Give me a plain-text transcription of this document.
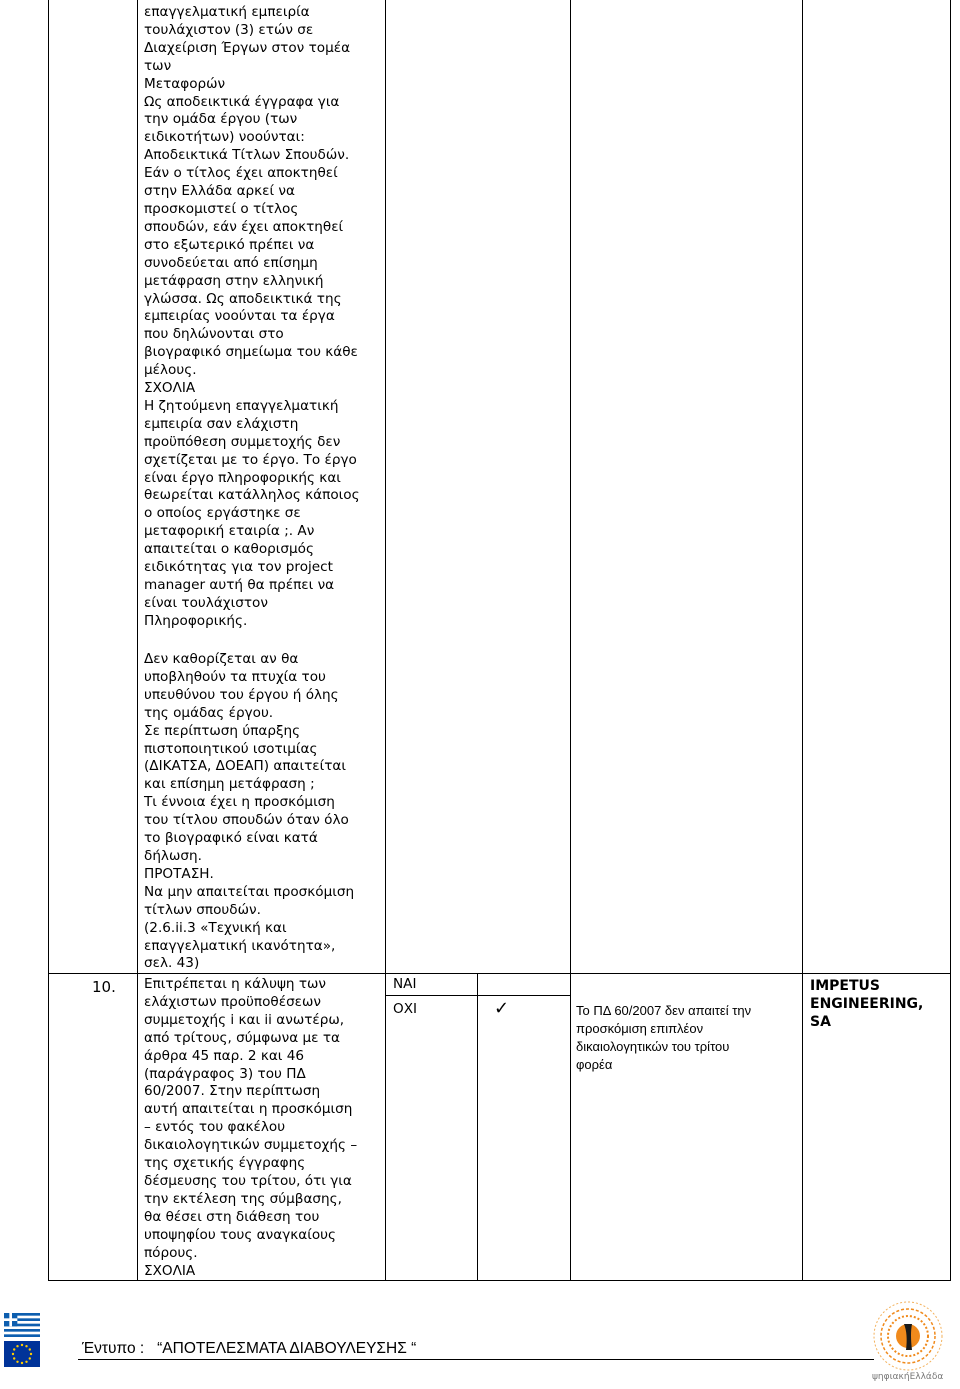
επαγγελματική εμπειρία
τουλάχιστον (3) ετών σε
Διαχείριση Έργων στον τομέα
των
Μεταφορών
Ως αποδεικτικά έγγραφα για
την ομάδα έργου (των
ειδικοτήτων) νοούνται:
Αποδεικτικά Τίτλων Σπουδών.
Εάν ο τίτλος έχει αποκτηθεί
στην Ελλάδα αρκεί να
προσκομιστεί ο τίτλος
σπουδών, εάν έχει αποκτηθεί
στο εξωτερικό πρέπει να
συνοδεύεται από επίσημη
μετάφραση στην ελληνική
γλώσσα. Ως αποδεικτικά της
εμπειρίας νοούνται τα έργα
που δηλώνονται στο
βιογραφικό σημείωμα του κάθε
μέλους.
ΣΧΟΛΙΑ
Η ζητούμενη επαγγελματική
εμπειρία σαν ελάχιστη
προϋπόθεση συμμετοχής δεν
σχετίζεται με το έργο. Το έργο
είναι έργο πληροφορικής και
θεωρείται κατάλληλος κάποιος
ο οποίος εργάστηκε σε
μεταφορική εταιρία ;. Αν
απαιτείται ο καθορισμός
ειδικότητας για τον project
manager αυτή θα πρέπει να
είναι τουλάχιστον
Πληροφορικής.
Δεν καθορίζεται αν θα
υποβληθούν τα πτυχία του
υπευθύνου του έργου ή όλης
της ομάδας έργου.
Σε περίπτωση ύπαρξης
πιστοποιητικού ισοτιμίας
(ΔΙΚΑΤΣΑ, ΔΟΕΑΠ) απαιτείται
και επίσημη μετάφραση ;
Τι έννοια έχει η προσκόμιση
του τίτλου σπουδών όταν όλο
το βιογραφικό είναι κατά
δήλωση.
ΠΡΟΤΑΣΗ.
Να μην απαιτείται προσκόμιση
τίτλων σπουδών.
(2.6.ii.3 «Τεχνική και
επαγγελματική ικανότητα»,
σελ. 43)
10. Επιτρέπεται η κάλυψη των
ελάχιστων προϋποθέσεων
συμμετοχής i και ii ανωτέρω,
από τρίτους, σύμφωνα με τα
άρθρα 45 παρ. 2 και 46
(παράγραφος 3) του ΠΔ
60/2007. Στην περίπτωση
αυτή απαιτείται η προσκόμιση
– εντός του φακέλου
δικαιολογητικών συμμετοχής –
της σχετικής έγγραφης
δέσμευσης του τρίτου, ότι για
την εκτέλεση της σύμβασης,
θα θέσει στη διάθεση του
υποψηφίου τους αναγκαίους
πόρους.
ΣΧΟΛΙΑ
ΝΑΙ
ΟΧΙ	✓	Το ΠΔ 60/2007 δεν απαιτεί την
προσκόμιση επιπλέον
δικαιολογητικών του τρίτου
φορέα
IMPETUS
ENGINEERING,
SA
Έντυπο :   “ΑΠΟΤΕΛΕΣΜΑΤΑ ΔΙΑΒΟΥΛΕΥΣΗΣ “
ψηφιακήΕλλάδα
